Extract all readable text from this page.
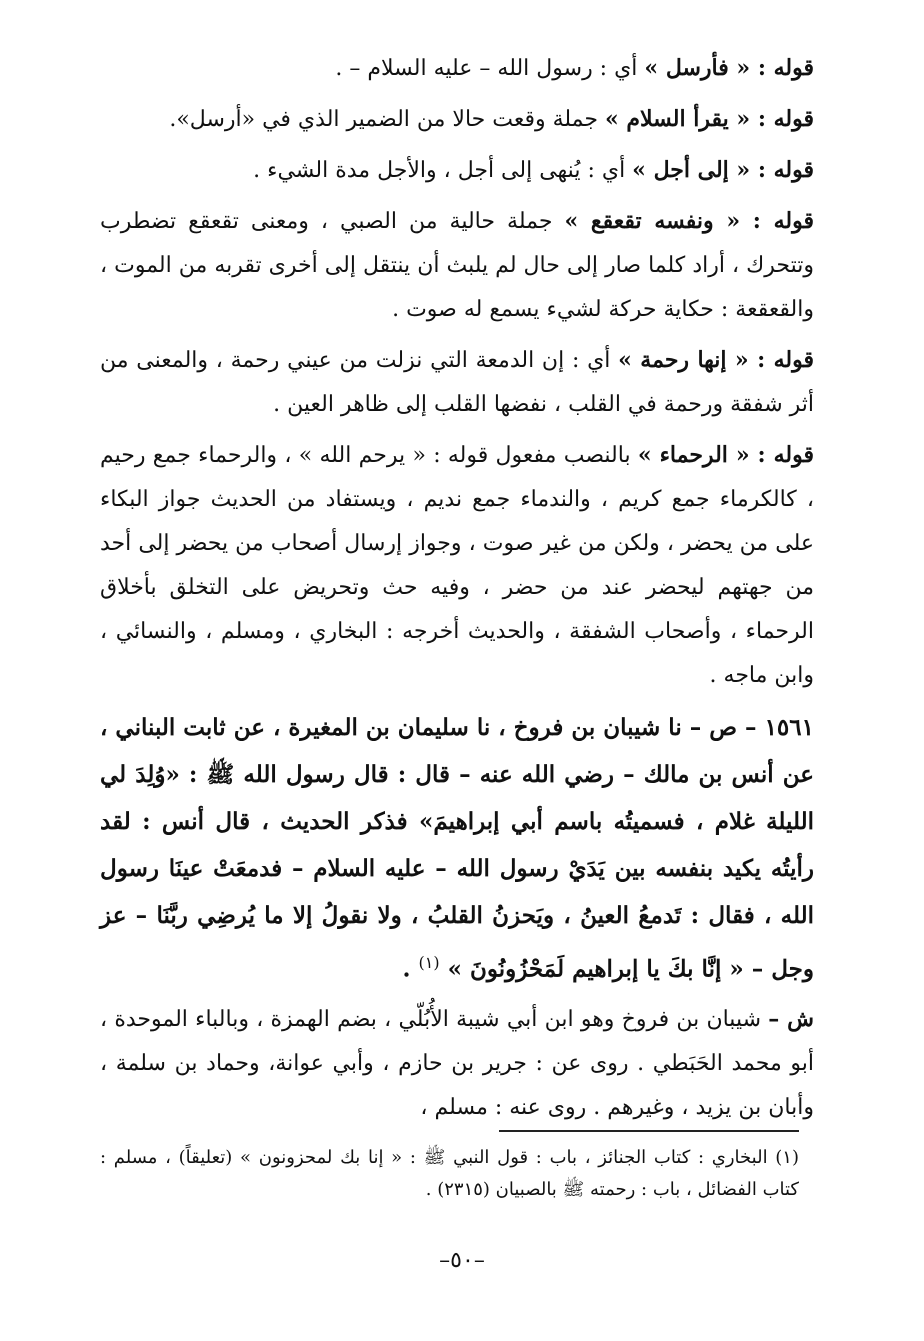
قوله : « فأرسل » أي : رسول الله – عليه السلام – .

قوله : « يقرأ السلام » جملة وقعت حالا من الضمير الذي في «أرسل».

قوله : « إلى أجل » أي : يُنهى إلى أجل ، والأجل مدة الشيء .

قوله : « ونفسه تقعقع » جملة حالية من الصبي ، ومعنى تقعقع تضطرب وتتحرك ، أراد كلما صار إلى حال لم يلبث أن ينتقل إلى أخرى تقربه من الموت ، والقعقعة : حكاية حركة لشيء يسمع له صوت .

قوله : « إنها رحمة » أي : إن الدمعة التي نزلت من عيني رحمة ، والمعنى من أثر شفقة ورحمة في القلب ، نفضها القلب إلى ظاهر العين .

قوله : « الرحماء » بالنصب مفعول قوله : « يرحم الله » ، والرحماء جمع رحيم ، كالكرماء جمع كريم ، والندماء جمع نديم ، ويستفاد من الحديث جواز البكاء على من يحضر ، ولكن من غير صوت ، وجواز إرسال أصحاب من يحضر إلى أحد من جهتهم ليحضر عند من حضر ، وفيه حث وتحريض على التخلق بأخلاق الرحماء ، وأصحاب الشفقة ، والحديث أخرجه : البخاري ، ومسلم ، والنسائي ، وابن ماجه .

١٥٦١ – ص – نا شيبان بن فروخ ، نا سليمان بن المغيرة ، عن ثابت البناني ، عن أنس بن مالك – رضي الله عنه – قال : قال رسول الله ﷺ : «وُلِدَ لي الليلة غلام ، فسميتُه باسم أبي إبراهيمَ» فذكر الحديث ، قال أنس : لقد رأيتُه يكيد بنفسه بين يَدَيْ رسول الله – عليه السلام – فدمعَتْ عينَا رسول الله ، فقال : تَدمعُ العينُ ، ويَحزنُ القلبُ ، ولا نقولُ إلا ما يُرضِي ربَّنَا – عز وجل – « إنَّا بكَ يا إبراهيم لَمَحْزُونُونَ » $^{(١)}$ .

ش – شيبان بن فروخ وهو ابن أبي شيبة الأُبُلّي ، بضم الهمزة ، وبالباء الموحدة ، أبو محمد الحَبَطي . روى عن : جرير بن حازم ، وأبي عوانة، وحماد بن سلمة ، وأبان بن يزيد ، وغيرهم . روى عنه : مسلم ،

(١) البخاري : كتاب الجنائز ، باب : قول النبي ﷺ : « إنا بك لمحزونون » (تعليقاً) ، مسلم : كتاب الفضائل ، باب : رحمته ﷺ بالصبيان (٢٣١٥) .
–٥٠–
